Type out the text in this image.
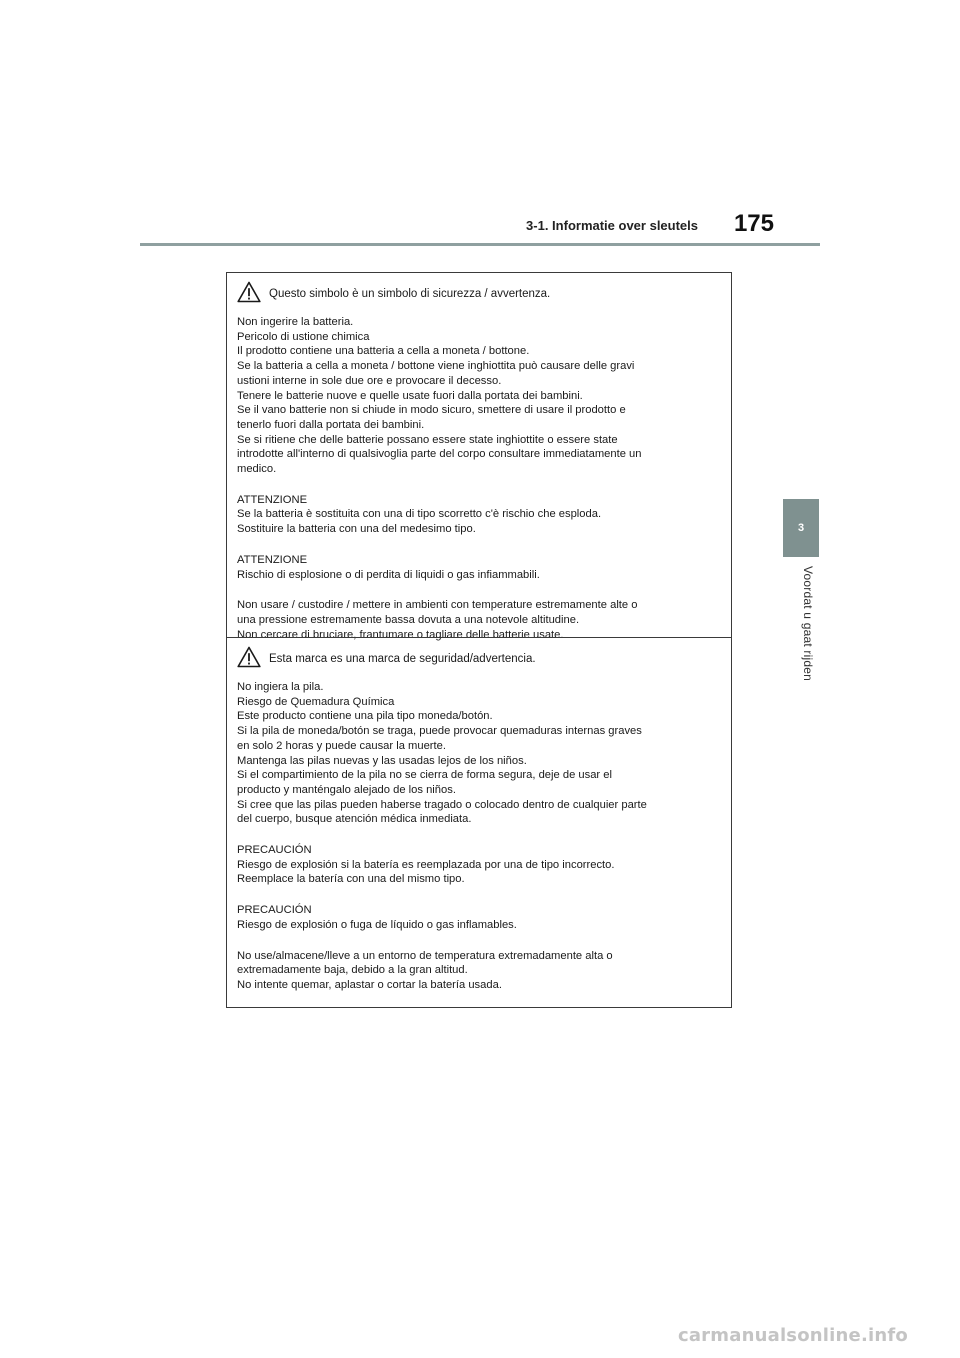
3-1. Informatie over sleutels 175
3
Voordat u gaat rijden
Questo simbolo è un simbolo di sicurezza / avvertenza.
Non ingerire la batteria.
Pericolo di ustione chimica
Il prodotto contiene una batteria a cella a moneta / bottone.
Se la batteria a cella a moneta / bottone viene inghiottita può causare delle gravi
ustioni interne in sole due ore e provocare il decesso.
Tenere le batterie nuove e quelle usate fuori dalla portata dei bambini.
Se il vano batterie non si chiude in modo sicuro, smettere di usare il prodotto e
tenerlo fuori dalla portata dei bambini.
Se si ritiene che delle batterie possano essere state inghiottite o essere state
introdotte all'interno di qualsivoglia parte del corpo consultare immediatamente un
medico.
ATTENZIONE
Se la batteria è sostituita con una di tipo scorretto c'è rischio che esploda.
Sostituire la batteria con una del medesimo tipo.
ATTENZIONE
Rischio di esplosione o di perdita di liquidi o gas infiammabili.
Non usare / custodire / mettere in ambienti con temperature estremamente alte o
una pressione estremamente bassa dovuta a una notevole altitudine.
Non cercare di bruciare, frantumare o tagliare delle batterie usate.
Esta marca es una marca de seguridad/advertencia.
No ingiera la pila.
Riesgo de Quemadura Química
Este producto contiene una pila tipo moneda/botón.
Si la pila de moneda/botón se traga, puede provocar quemaduras internas graves
en solo 2 horas y puede causar la muerte.
Mantenga las pilas nuevas y las usadas lejos de los niños.
Si el compartimiento de la pila no se cierra de forma segura, deje de usar el
producto y manténgalo alejado de los niños.
Si cree que las pilas pueden haberse tragado o colocado dentro de cualquier parte
del cuerpo, busque atención médica inmediata.
PRECAUCIÓN
Riesgo de explosión si la batería es reemplazada por una de tipo incorrecto.
Reemplace la batería con una del mismo tipo.
PRECAUCIÓN
Riesgo de explosión o fuga de líquido o gas inflamables.
No use/almacene/lleve a un entorno de temperatura extremadamente alta o
extremadamente baja, debido a la gran altitud.
No intente quemar, aplastar o cortar la batería usada.
carmanualsonline.info
